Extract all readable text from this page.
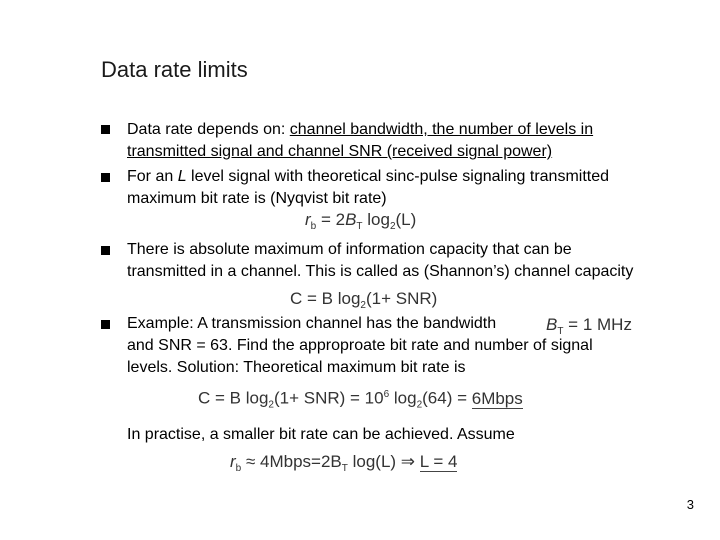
Data rate limits
Data rate depends on: channel bandwidth, the number of levels in
transmitted signal and channel SNR (received signal power)
For an L level signal with theoretical sinc-pulse signaling transmitted
maximum bit rate is (Nyqvist bit rate)
$r_b = 2B_T$ $\log_2(L)$
There is absolute maximum of information capacity that can be
transmitted in a channel. This is called as (Shannon’s) channel capacity
C = B $\log_2(1+ SNR)$
Example: A transmission channel has the bandwidth	$B_T = 1$ MHz
and SNR = 63. Find the approproate bit rate and number of signal
levels. Solution: Theoretical maximum bit rate is
C = B $\log_2(1+ SNR) = 10^6$ $\log_2(64)$ = 6Mbps
In practise, a smaller bit rate can be achieved. Assume
$r_b$ ≈ $4Mbps=2B_T$ log(L) ⇒ L = 4
3
